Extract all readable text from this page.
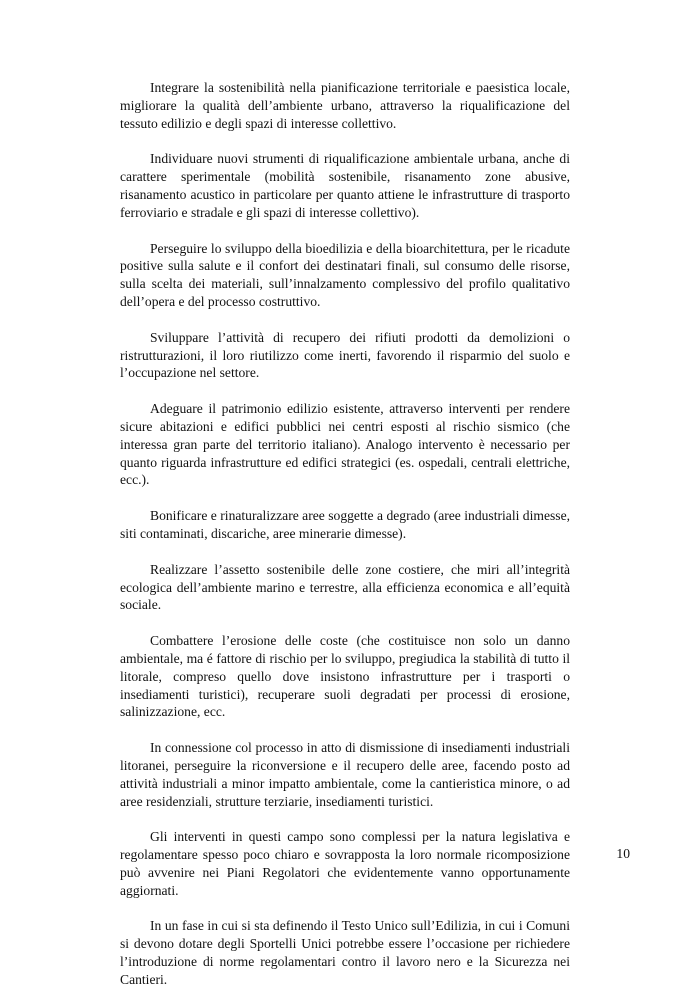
Integrare la sostenibilità nella pianificazione territoriale e paesistica locale, migliorare la qualità dell’ambiente urbano, attraverso la riqualificazione del tessuto edilizio e degli spazi di interesse collettivo.

Individuare nuovi strumenti di riqualificazione ambientale urbana, anche di carattere sperimentale (mobilità sostenibile, risanamento zone abusive, risanamento acustico in particolare per quanto attiene le infrastrutture di trasporto ferroviario e stradale e gli spazi di interesse collettivo).

Perseguire lo sviluppo della bioedilizia e della bioarchitettura, per le ricadute positive sulla salute e il confort dei destinatari finali, sul consumo delle risorse, sulla scelta dei materiali, sull’innalzamento complessivo del profilo qualitativo dell’opera e del processo costruttivo.

Sviluppare l’attività di recupero dei rifiuti prodotti da demolizioni o ristrutturazioni, il loro riutilizzo come inerti, favorendo il risparmio del suolo e l’occupazione nel settore.

Adeguare il patrimonio edilizio esistente, attraverso interventi per rendere sicure abitazioni e edifici pubblici nei centri esposti al rischio sismico (che interessa gran parte del territorio italiano). Analogo intervento è necessario per quanto riguarda infrastrutture ed edifici strategici (es. ospedali, centrali elettriche, ecc.).

Bonificare e rinaturalizzare aree soggette a degrado (aree industriali dimesse, siti contaminati, discariche, aree minerarie dimesse).

Realizzare l’assetto sostenibile delle zone costiere, che miri all’integrità ecologica dell’ambiente marino e terrestre, alla efficienza economica e all’equità sociale.

Combattere l’erosione delle coste (che costituisce non solo un danno ambientale, ma é fattore di rischio per lo sviluppo, pregiudica la stabilità di tutto il litorale, compreso quello dove insistono infrastrutture per i trasporti o insediamenti turistici), recuperare suoli degradati per processi di erosione, salinizzazione, ecc.

In connessione col processo in atto di dismissione di insediamenti industriali litoranei, perseguire la riconversione e il recupero delle aree, facendo posto ad attività industriali a minor impatto ambientale, come la cantieristica minore, o ad aree residenziali, strutture terziarie, insediamenti turistici.

Gli interventi in questi campo sono complessi per la natura legislativa e regolamentare spesso poco chiaro e sovrapposta la loro normale ricomposizione può avvenire nei Piani Regolatori che evidentemente vanno opportunamente aggiornati.

In un fase in cui si sta definendo il Testo Unico sull’Edilizia, in cui i Comuni si devono dotare degli Sportelli Unici potrebbe essere l’occasione per richiedere l’introduzione di norme regolamentari contro il lavoro nero e la Sicurezza nei Cantieri.

10
